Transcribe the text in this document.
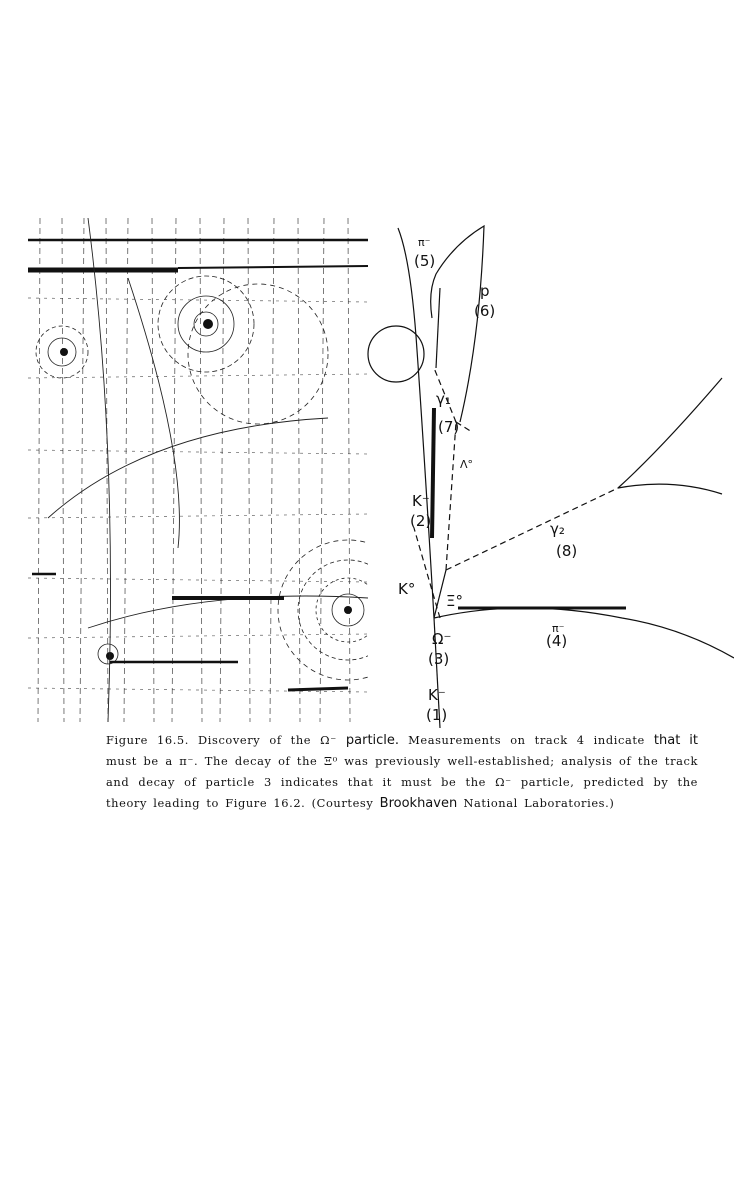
π⁻
(5)
p
(6)
γ₁
(7)
Λ°
K⁻
(2)	γ₂
(8)
K°
Ξ°
π⁻
(4)
Ω⁻
(3)
K⁻
(1)
Figure 16.5. Discovery of the Ω⁻ particle. Measurements on track 4 indicate that it must be a π⁻. The decay of the Ξ⁰ was previously well-established; analysis of the track and decay of particle 3 indicates that it must be the Ω⁻ particle, predicted by the theory leading to Figure 16.2. (Courtesy Brookhaven National Laboratories.)
